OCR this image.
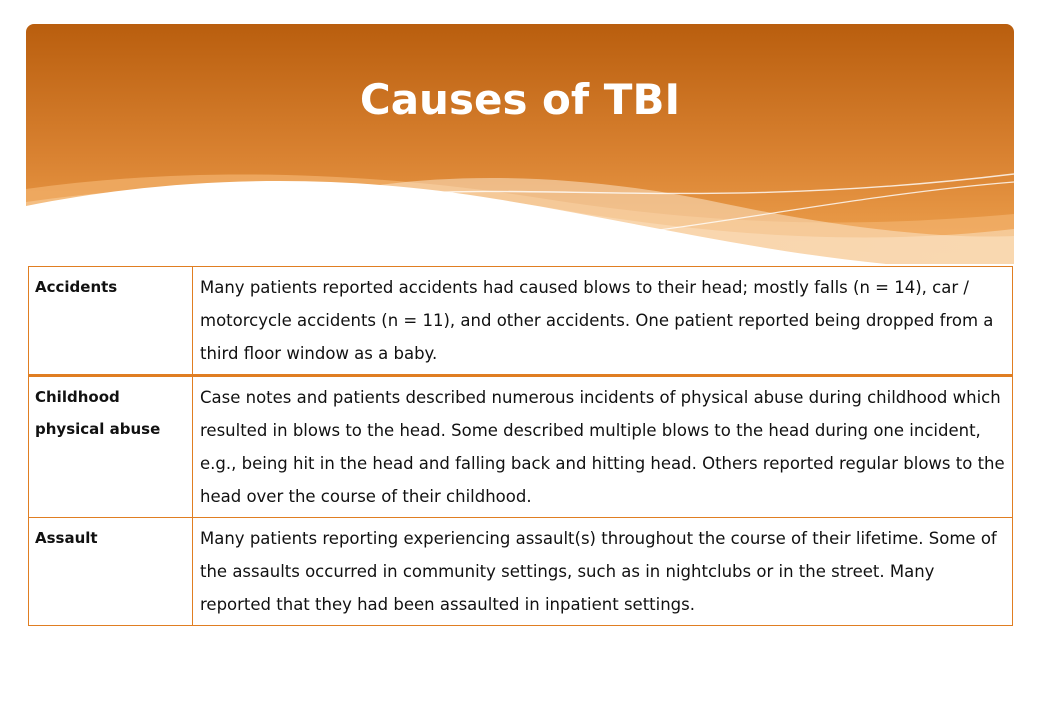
Causes of TBI
Accidents	Many patients reported accidents had caused blows to their head; mostly falls (n = 14), car / motorcycle accidents (n = 11), and other accidents. One patient reported being dropped from a third floor window as a baby.
Childhood physical abuse	Case notes and patients described numerous incidents of physical abuse during childhood which resulted in blows to the head. Some described multiple blows to the head during one incident, e.g., being hit in the head and falling back and hitting head. Others reported regular blows to the head over the course of their childhood.
Assault	Many patients reporting experiencing assault(s) throughout the course of their lifetime. Some of the assaults occurred in community settings, such as in nightclubs or in the street. Many reported that they had been assaulted in inpatient settings.
